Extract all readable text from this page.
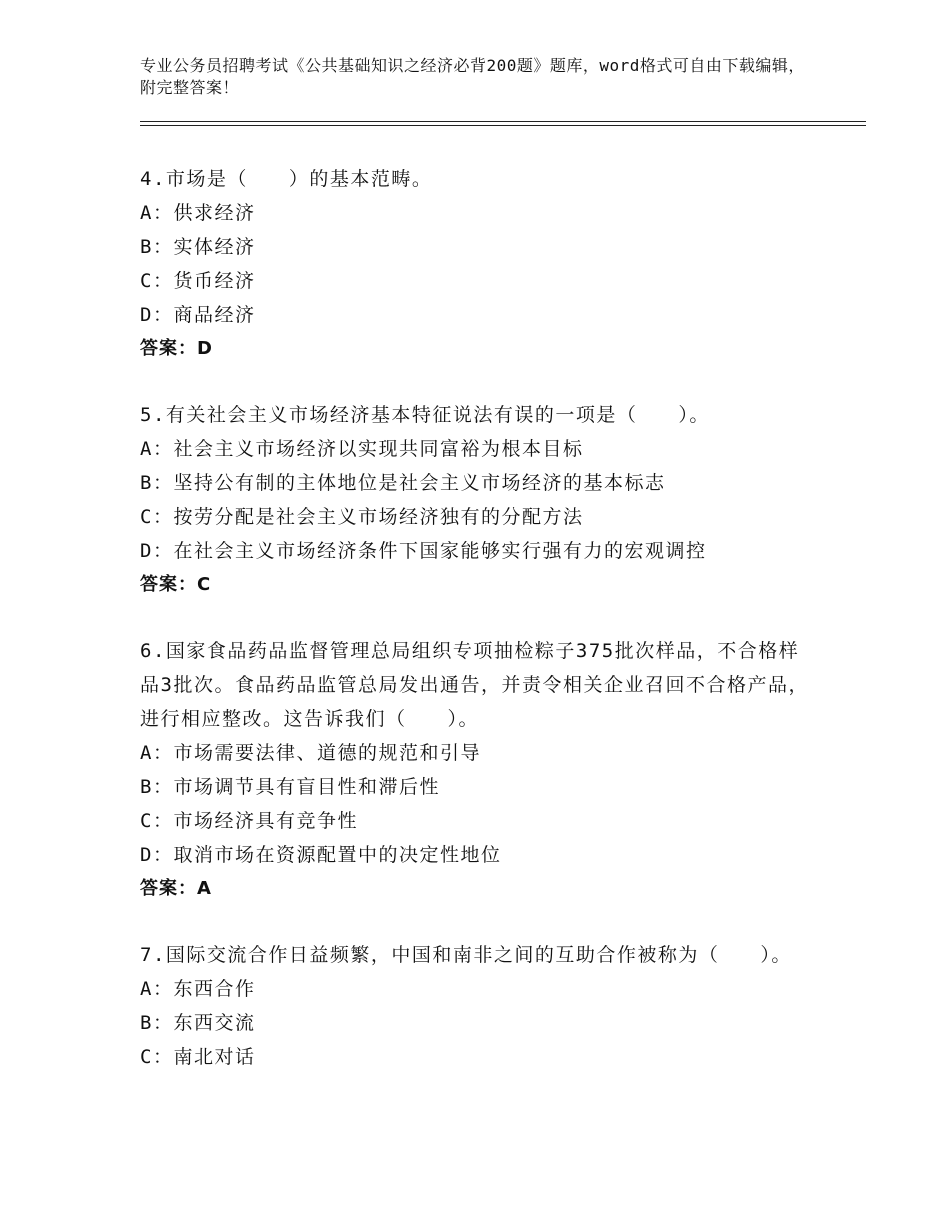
专业公务员招聘考试《公共基础知识之经济必背200题》题库，word格式可自由下载编辑，附完整答案！
4.市场是（　　）的基本范畴。
A：供求经济
B：实体经济
C：货币经济
D：商品经济
答案：D
5.有关社会主义市场经济基本特征说法有误的一项是（　　）。
A：社会主义市场经济以实现共同富裕为根本目标
B：坚持公有制的主体地位是社会主义市场经济的基本标志
C：按劳分配是社会主义市场经济独有的分配方法
D：在社会主义市场经济条件下国家能够实行强有力的宏观调控
答案：C
6.国家食品药品监督管理总局组织专项抽检粽子375批次样品，不合格样品3批次。食品药品监管总局发出通告，并责令相关企业召回不合格产品，进行相应整改。这告诉我们（　　）。
A：市场需要法律、道德的规范和引导
B：市场调节具有盲目性和滞后性
C：市场经济具有竞争性
D：取消市场在资源配置中的决定性地位
答案：A
7.国际交流合作日益频繁，中国和南非之间的互助合作被称为（　　）。
A：东西合作
B：东西交流
C：南北对话
